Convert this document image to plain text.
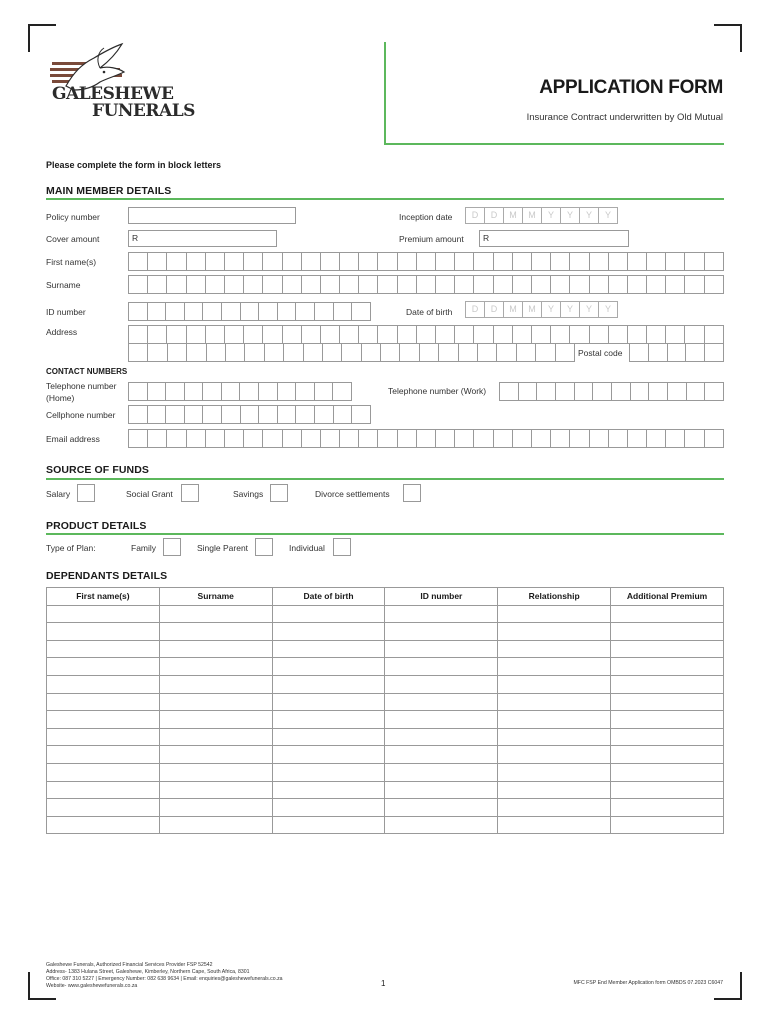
GALESHEWE
FUNERALS
APPLICATION FORM
Insurance Contract underwritten by Old Mutual
Please complete the form in block letters
MAIN MEMBER DETAILS
Policy number	Inception date	D	D	M	M	Y	Y	Y	Y
Cover amount	R	Premium amount	R
First name(s)
Surname
ID number	Date of birth	D	D	M	M	Y	Y	Y	Y
Address
Postal code
CONTACT NUMBERS
Telephone number
(Home)
Telephone number (Work)
Cellphone number
Email address
SOURCE OF FUNDS
Salary	Social Grant	Savings	Divorce settlements
PRODUCT DETAILS
Type of Plan:	Family	Single Parent	Individual
DEPENDANTS DETAILS
First name(s)	Surname	Date of birth	ID number	Relationship	Additional Premium

Galeshewe Funerals, Authorized Financial Services Provider FSP 52542
Address- 1383 Hulana Street, Galeshewe, Kimberley, Northern Cape, South Africa, 8301
Office: 087 310 5227 | Emergency Number: 082 638 9634 | Email: enquiries@galeshewefunerals.co.za
Website- www.galeshewefunerals.co.za	1	MFC FSP End Member Application form OMBDS 07.2023 C6047
